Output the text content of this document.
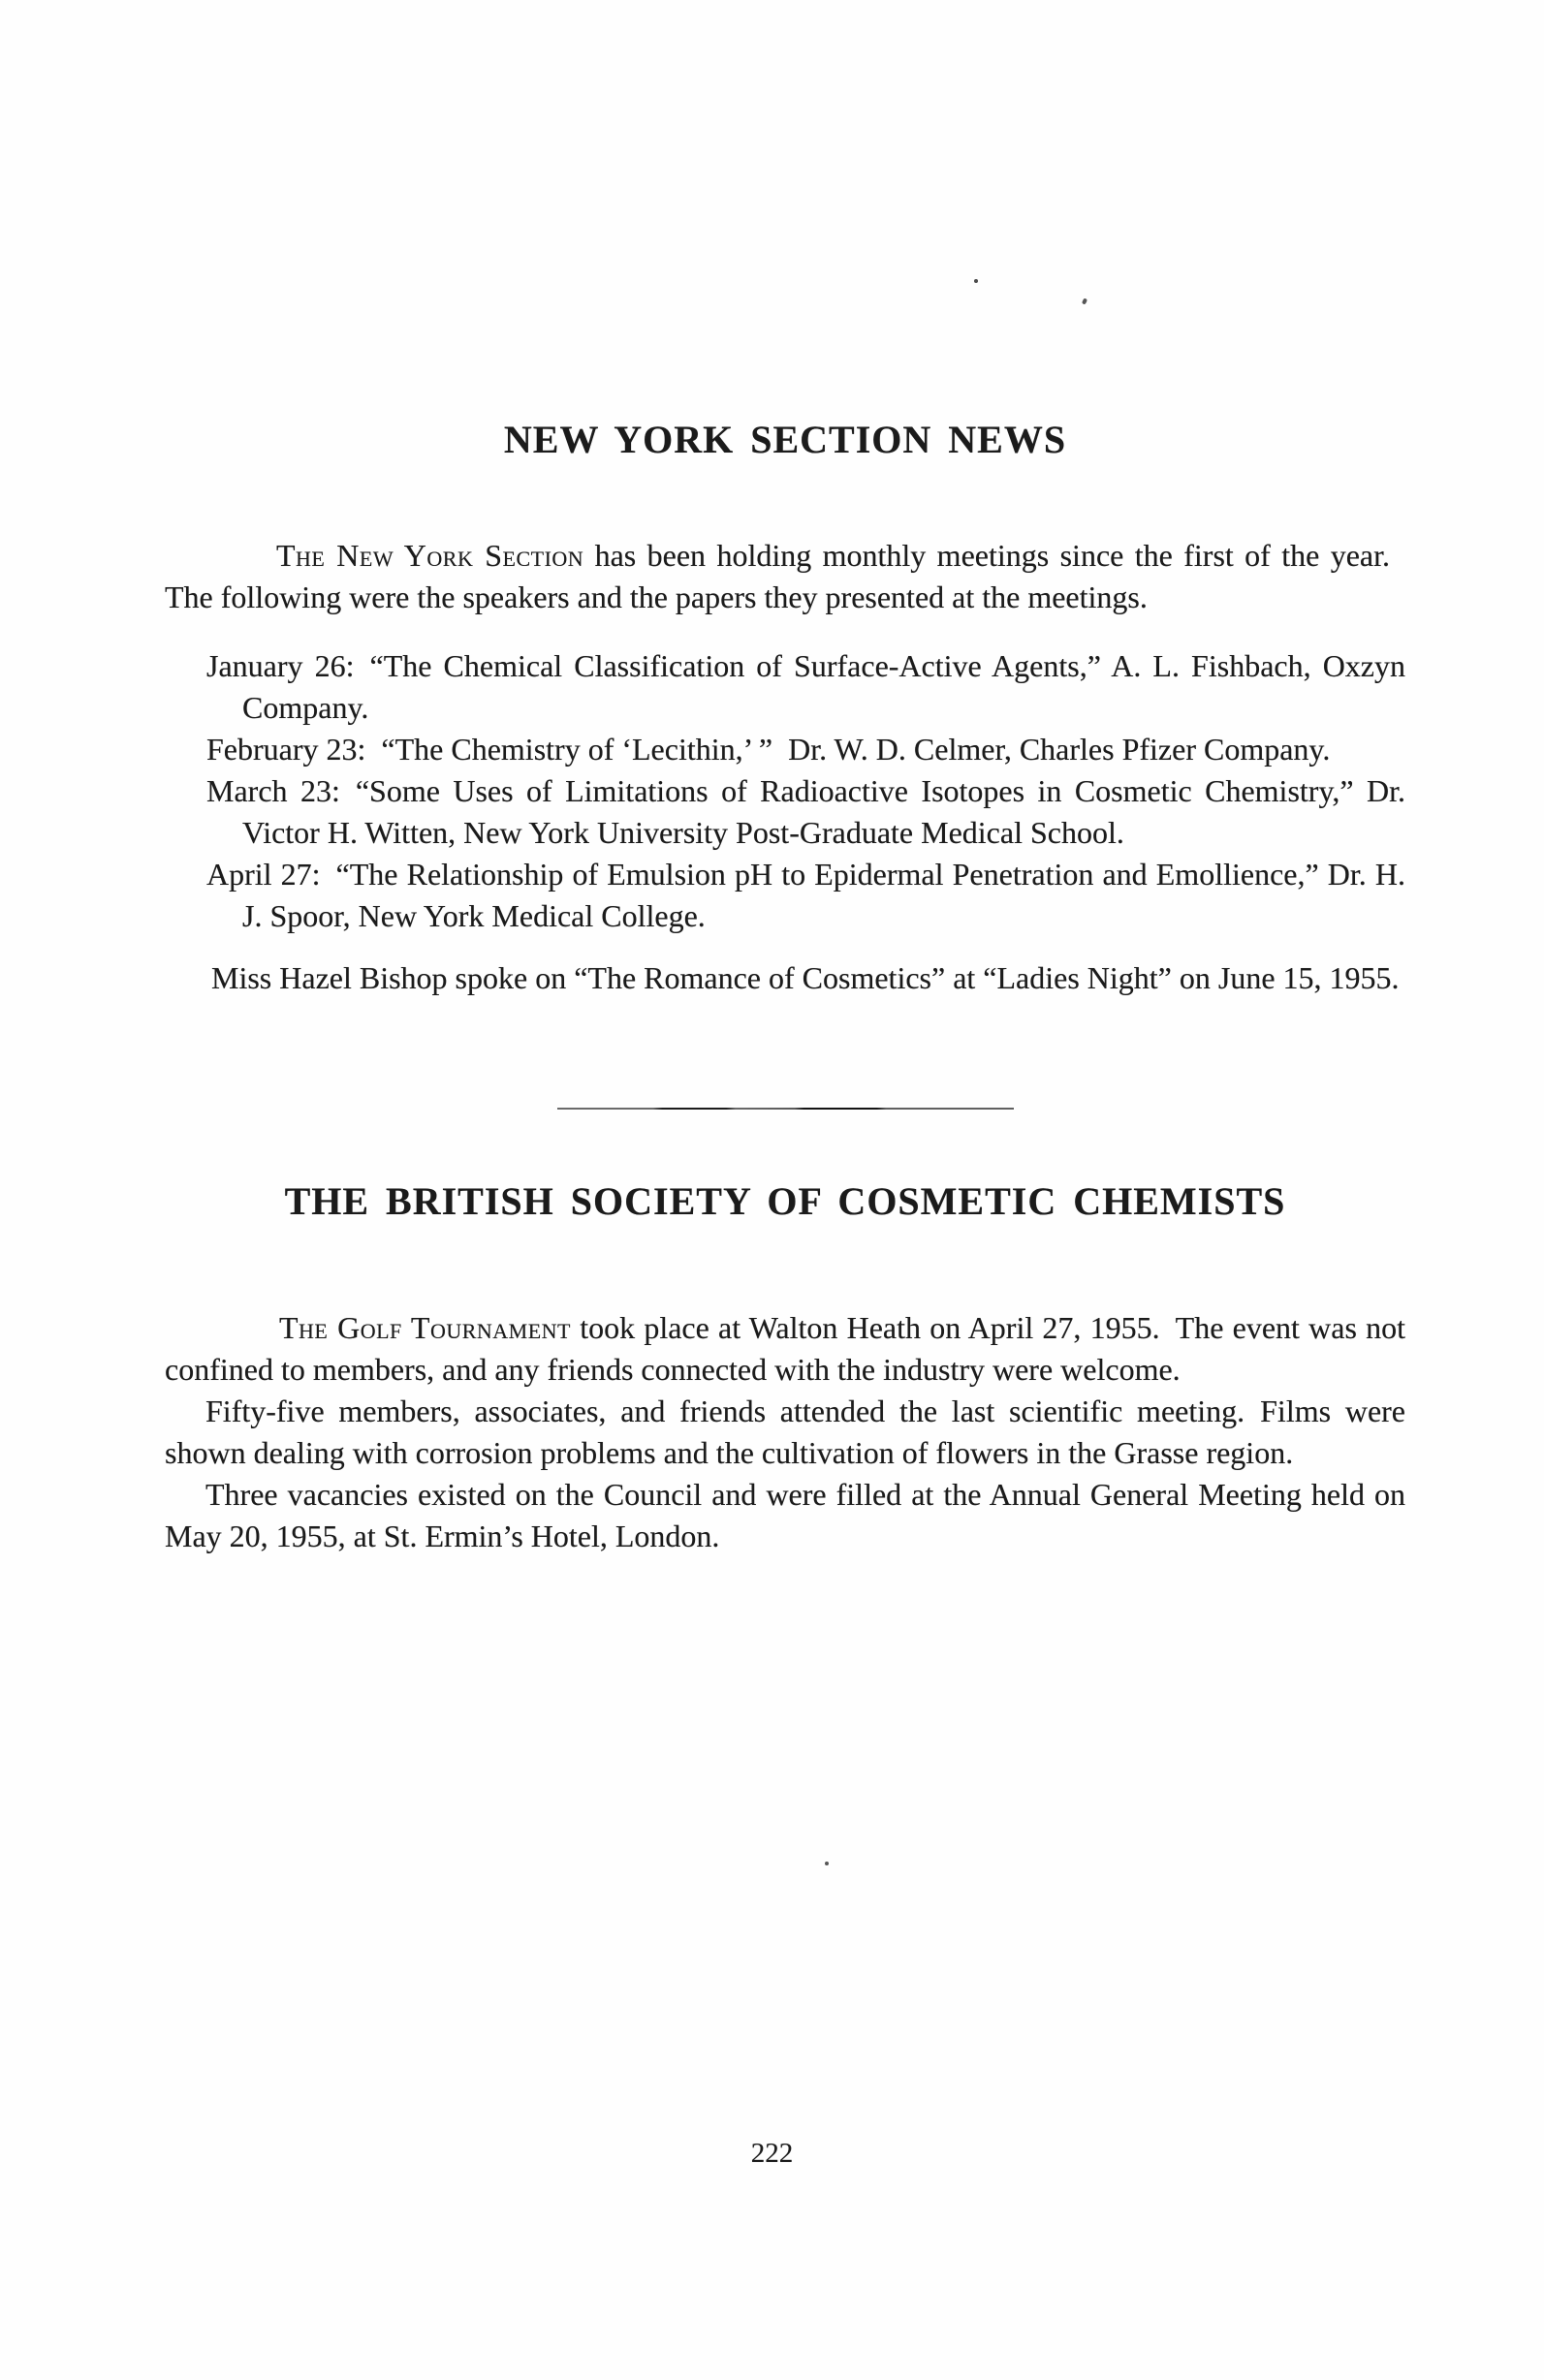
NEW YORK SECTION NEWS

The New York Section has been holding monthly meetings since the first of the year. The following were the speakers and the papers they presented at the meetings.

January 26: “The Chemical Classification of Surface-Active Agents,” A. L. Fishbach, Oxzyn Company.
February 23: “The Chemistry of ‘Lecithin,’ ” Dr. W. D. Celmer, Charles Pfizer Company.
March 23: “Some Uses of Limitations of Radioactive Isotopes in Cosmetic Chemistry,” Dr. Victor H. Witten, New York University Post-Graduate Medical School.
April 27: “The Relationship of Emulsion pH to Epidermal Penetration and Emollience,” Dr. H. J. Spoor, New York Medical College.

Miss Hazel Bishop spoke on “The Romance of Cosmetics” at “Ladies Night” on June 15, 1955.

THE BRITISH SOCIETY OF COSMETIC CHEMISTS

The Golf Tournament took place at Walton Heath on April 27, 1955. The event was not confined to members, and any friends connected with the industry were welcome.

Fifty-five members, associates, and friends attended the last scientific meeting. Films were shown dealing with corrosion problems and the cultivation of flowers in the Grasse region.

Three vacancies existed on the Council and were filled at the Annual General Meeting held on May 20, 1955, at St. Ermin’s Hotel, London.

222
